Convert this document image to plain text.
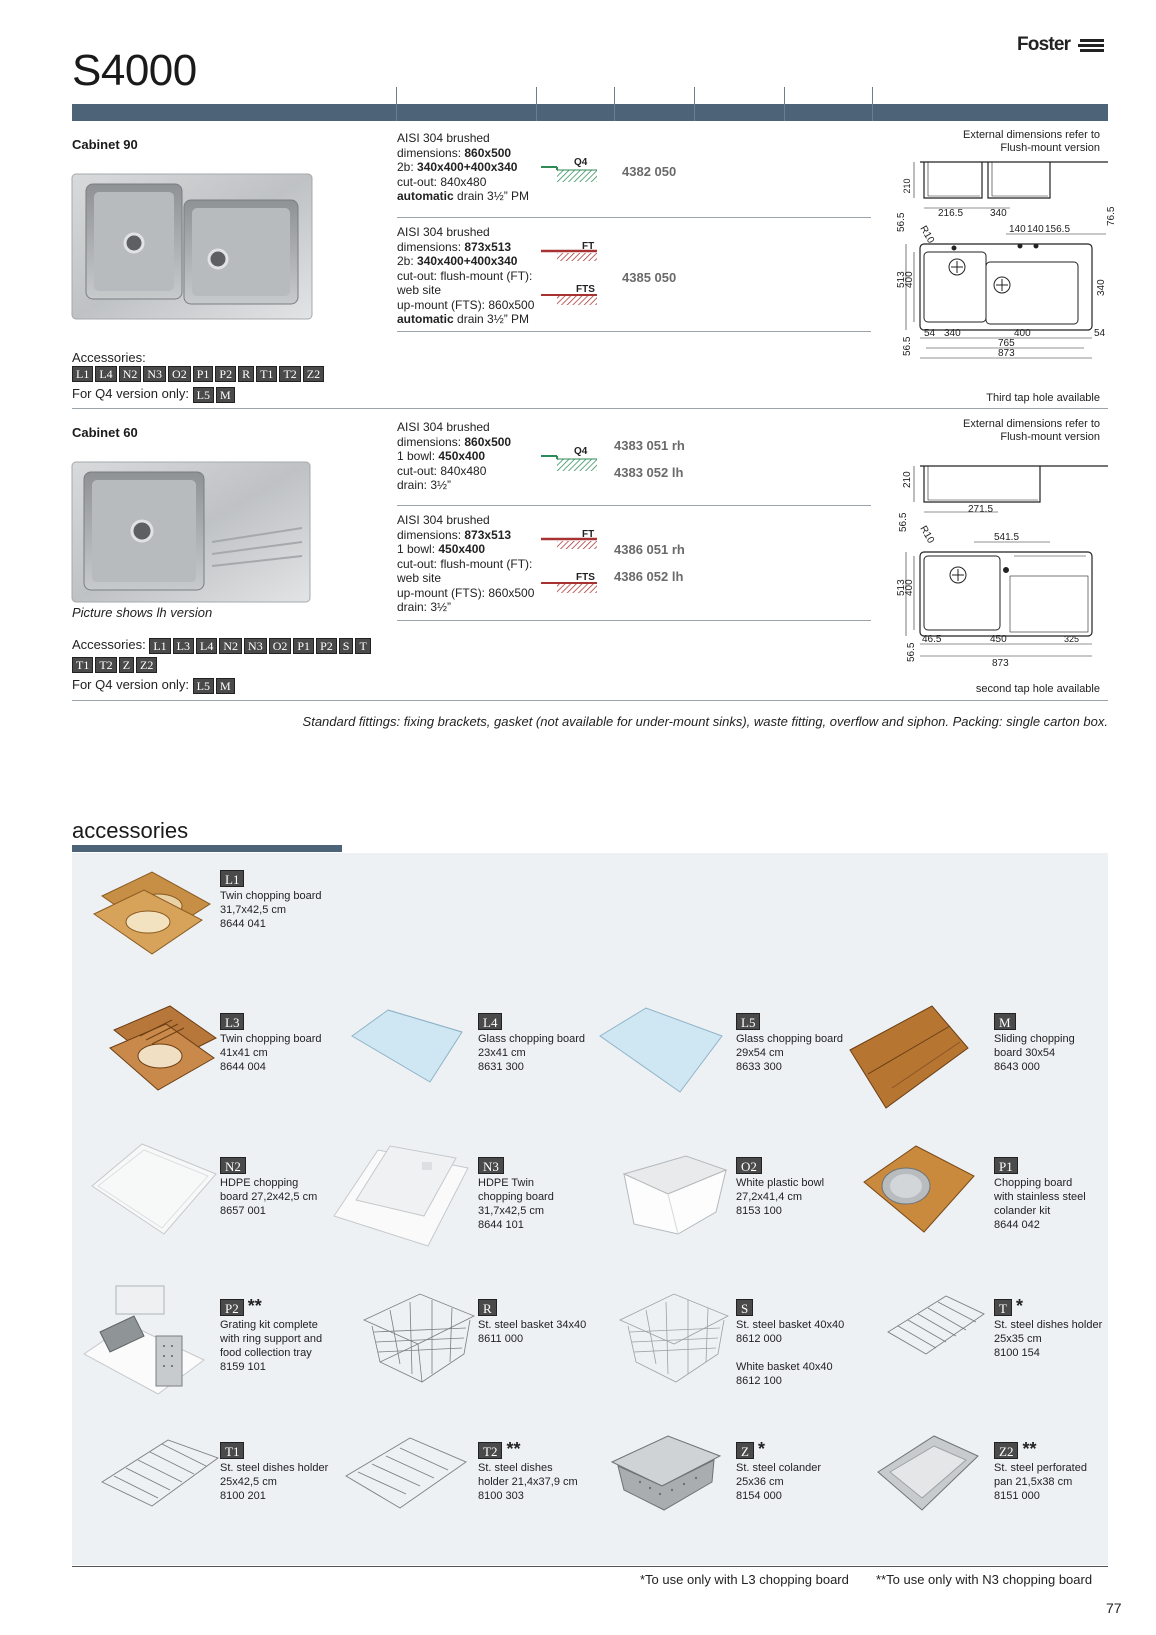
S4000
Foster
Cabinet 90	AISI 304 brushed
dimensions: 860x500
2b: 340x400+400x340
cut-out: 840x480
automatic drain 3½” PM
Q4
4382 050
AISI 304 brushed
dimensions: 873x513
2b: 340x400+400x340
cut-out: flush-mount (FT):
web site
up-mount (FTS): 860x500
automatic drain 3½” PM
FT
FTS
4385 050
Accessories:
L1 L4 N2 N3 O2 P1 P2 R T1 T2 Z2
For Q4 version only: L5 M
External dimensions refer to
Flush-mount version
210
216.5	340
140 140 156.5
76.5
R10
56.5
513
400	340
56.5
54 340	400	54
765
873
Third tap hole available
Cabinet 60
Picture shows lh version
AISI 304 brushed
dimensions: 860x500
1 bowl: 450x400
cut-out: 840x480
drain: 3½”
Q4 4383 051 rh
4383 052 lh
AISI 304 brushed
dimensions: 873x513
1 bowl: 450x400
cut-out: flush-mount (FT):
web site
up-mount (FTS): 860x500
drain: 3½”
FT
FTS
4386 051 rh
4386 052 lh
Accessories: L1 L3 L4 N2 N3 O2 P1 P2 S T
T1 T2 Z Z2
For Q4 version only: L5 M
External dimensions refer to
Flush-mount version
210
271.5
541.5
R10
56.5
513
400
56.5
46.5	450	325
873
second tap hole available
Standard fittings: fixing brackets, gasket (not available for under-mount sinks), waste fitting, overflow and siphon. Packing: single carton box.
accessories
L1
Twin chopping board
31,7x42,5 cm
8644 041
L3
Twin chopping board
41x41 cm
8644 004
L4
Glass chopping board
23x41 cm
8631 300
L5
Glass chopping board
29x54 cm
8633 300
M
Sliding chopping
board 30x54
8643 000
N2
HDPE chopping
board 27,2x42,5 cm
8657 001
N3
HDPE Twin
chopping board
31,7x42,5 cm
8644 101
O2
White plastic bowl
27,2x41,4 cm
8153 100
P1
Chopping board
with stainless steel
colander kit
8644 042
P2 **
Grating kit complete
with ring support and
food collection tray
8159 101
R
St. steel basket 34x40
8611 000
S
St. steel basket 40x40
8612 000
White basket 40x40
8612 100
T *
St. steel dishes holder
25x35 cm
8100 154
T1
St. steel dishes holder
25x42,5 cm
8100 201
T2 **
St. steel dishes
holder 21,4x37,9 cm
8100 303
Z *
St. steel colander
25x36 cm
8154 000
Z2 **
St. steel perforated
pan 21,5x38 cm
8151 000
*To use only with L3 chopping board **To use only with N3 chopping board
77
